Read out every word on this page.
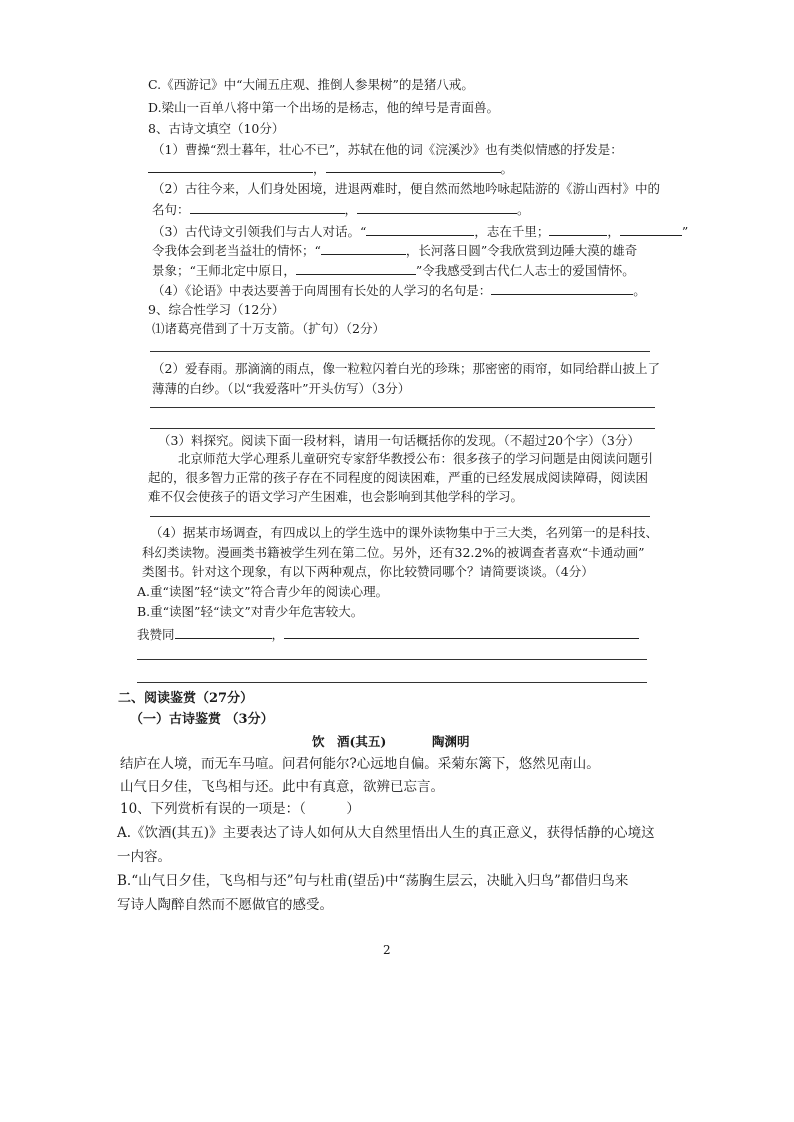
C.《西游记》中“大闹五庄观、推倒人参果树”的是猪八戒。
D.梁山一百单八将中第一个出场的是杨志，他的绰号是青面兽。
8、古诗文填空（10分）
（1）曹操“烈士暮年，壮心不已”，苏轼在他的词《浣溪沙》也有类似情感的抒发是：
，	。
（2）古往今来，人们身处困境，进退两难时，便自然而然地吟咏起陆游的《游山西村》中的
名句：	，	。
（3）古代诗文引领我们与古人对话。“	，志在千里；	，	”
令我体会到老当益壮的情怀；“	，长河落日圆”令我欣赏到边陲大漠的雄奇
景象；“王师北定中原日，	”令我感受到古代仁人志士的爱国情怀。
（4）《论语》中表达要善于向周围有长处的人学习的名句是：	。
9、综合性学习（12分）
⑴诸葛亮借到了十万支箭。（扩句）（2分）
（2）爱春雨。那滴滴的雨点，像一粒粒闪着白光的珍珠；那密密的雨帘，如同给群山披上了
薄薄的白纱。（以“我爱落叶”开头仿写）（3分）
（3）料探究。阅读下面一段材料，请用一句话概括你的发现。（不超过20个字）（3分）
北京师范大学心理系儿童研究专家舒华教授公布：很多孩子的学习问题是由阅读问题引
起的，很多智力正常的孩子存在不同程度的阅读困难，严重的已经发展成阅读障碍，阅读困
难不仅会使孩子的语文学习产生困难，也会影响到其他学科的学习。
（4）据某市场调查，有四成以上的学生选中的课外读物集中于三大类，名列第一的是科技、
科幻类读物。漫画类书籍被学生列在第二位。另外，还有32.2%的被调查者喜欢“卡通动画”
类图书。针对这个现象，有以下两种观点，你比较赞同哪个？请简要谈谈。（4分）
A.重“读图”轻“读文”符合青少年的阅读心理。
B.重“读图”轻“读文”对青少年危害较大。
我赞同	，
二、阅读鉴赏（27分）
（一）古诗鉴赏 （3分）
饮　酒(其五)	陶渊明
结庐在人境，而无车马喧。问君何能尔?心远地自偏。采菊东篱下，悠然见南山。
山气日夕佳，飞鸟相与还。此中有真意，欲辨已忘言。
10、下列赏析有误的一项是：（　　　）
A.《饮酒(其五)》主要表达了诗人如何从大自然里悟出人生的真正意义，获得恬静的心境这
一内容。
B.“山气日夕佳，飞鸟相与还”句与杜甫(望岳)中“荡胸生层云，决眦入归鸟”都借归鸟来
写诗人陶醉自然而不愿做官的感受。
2
